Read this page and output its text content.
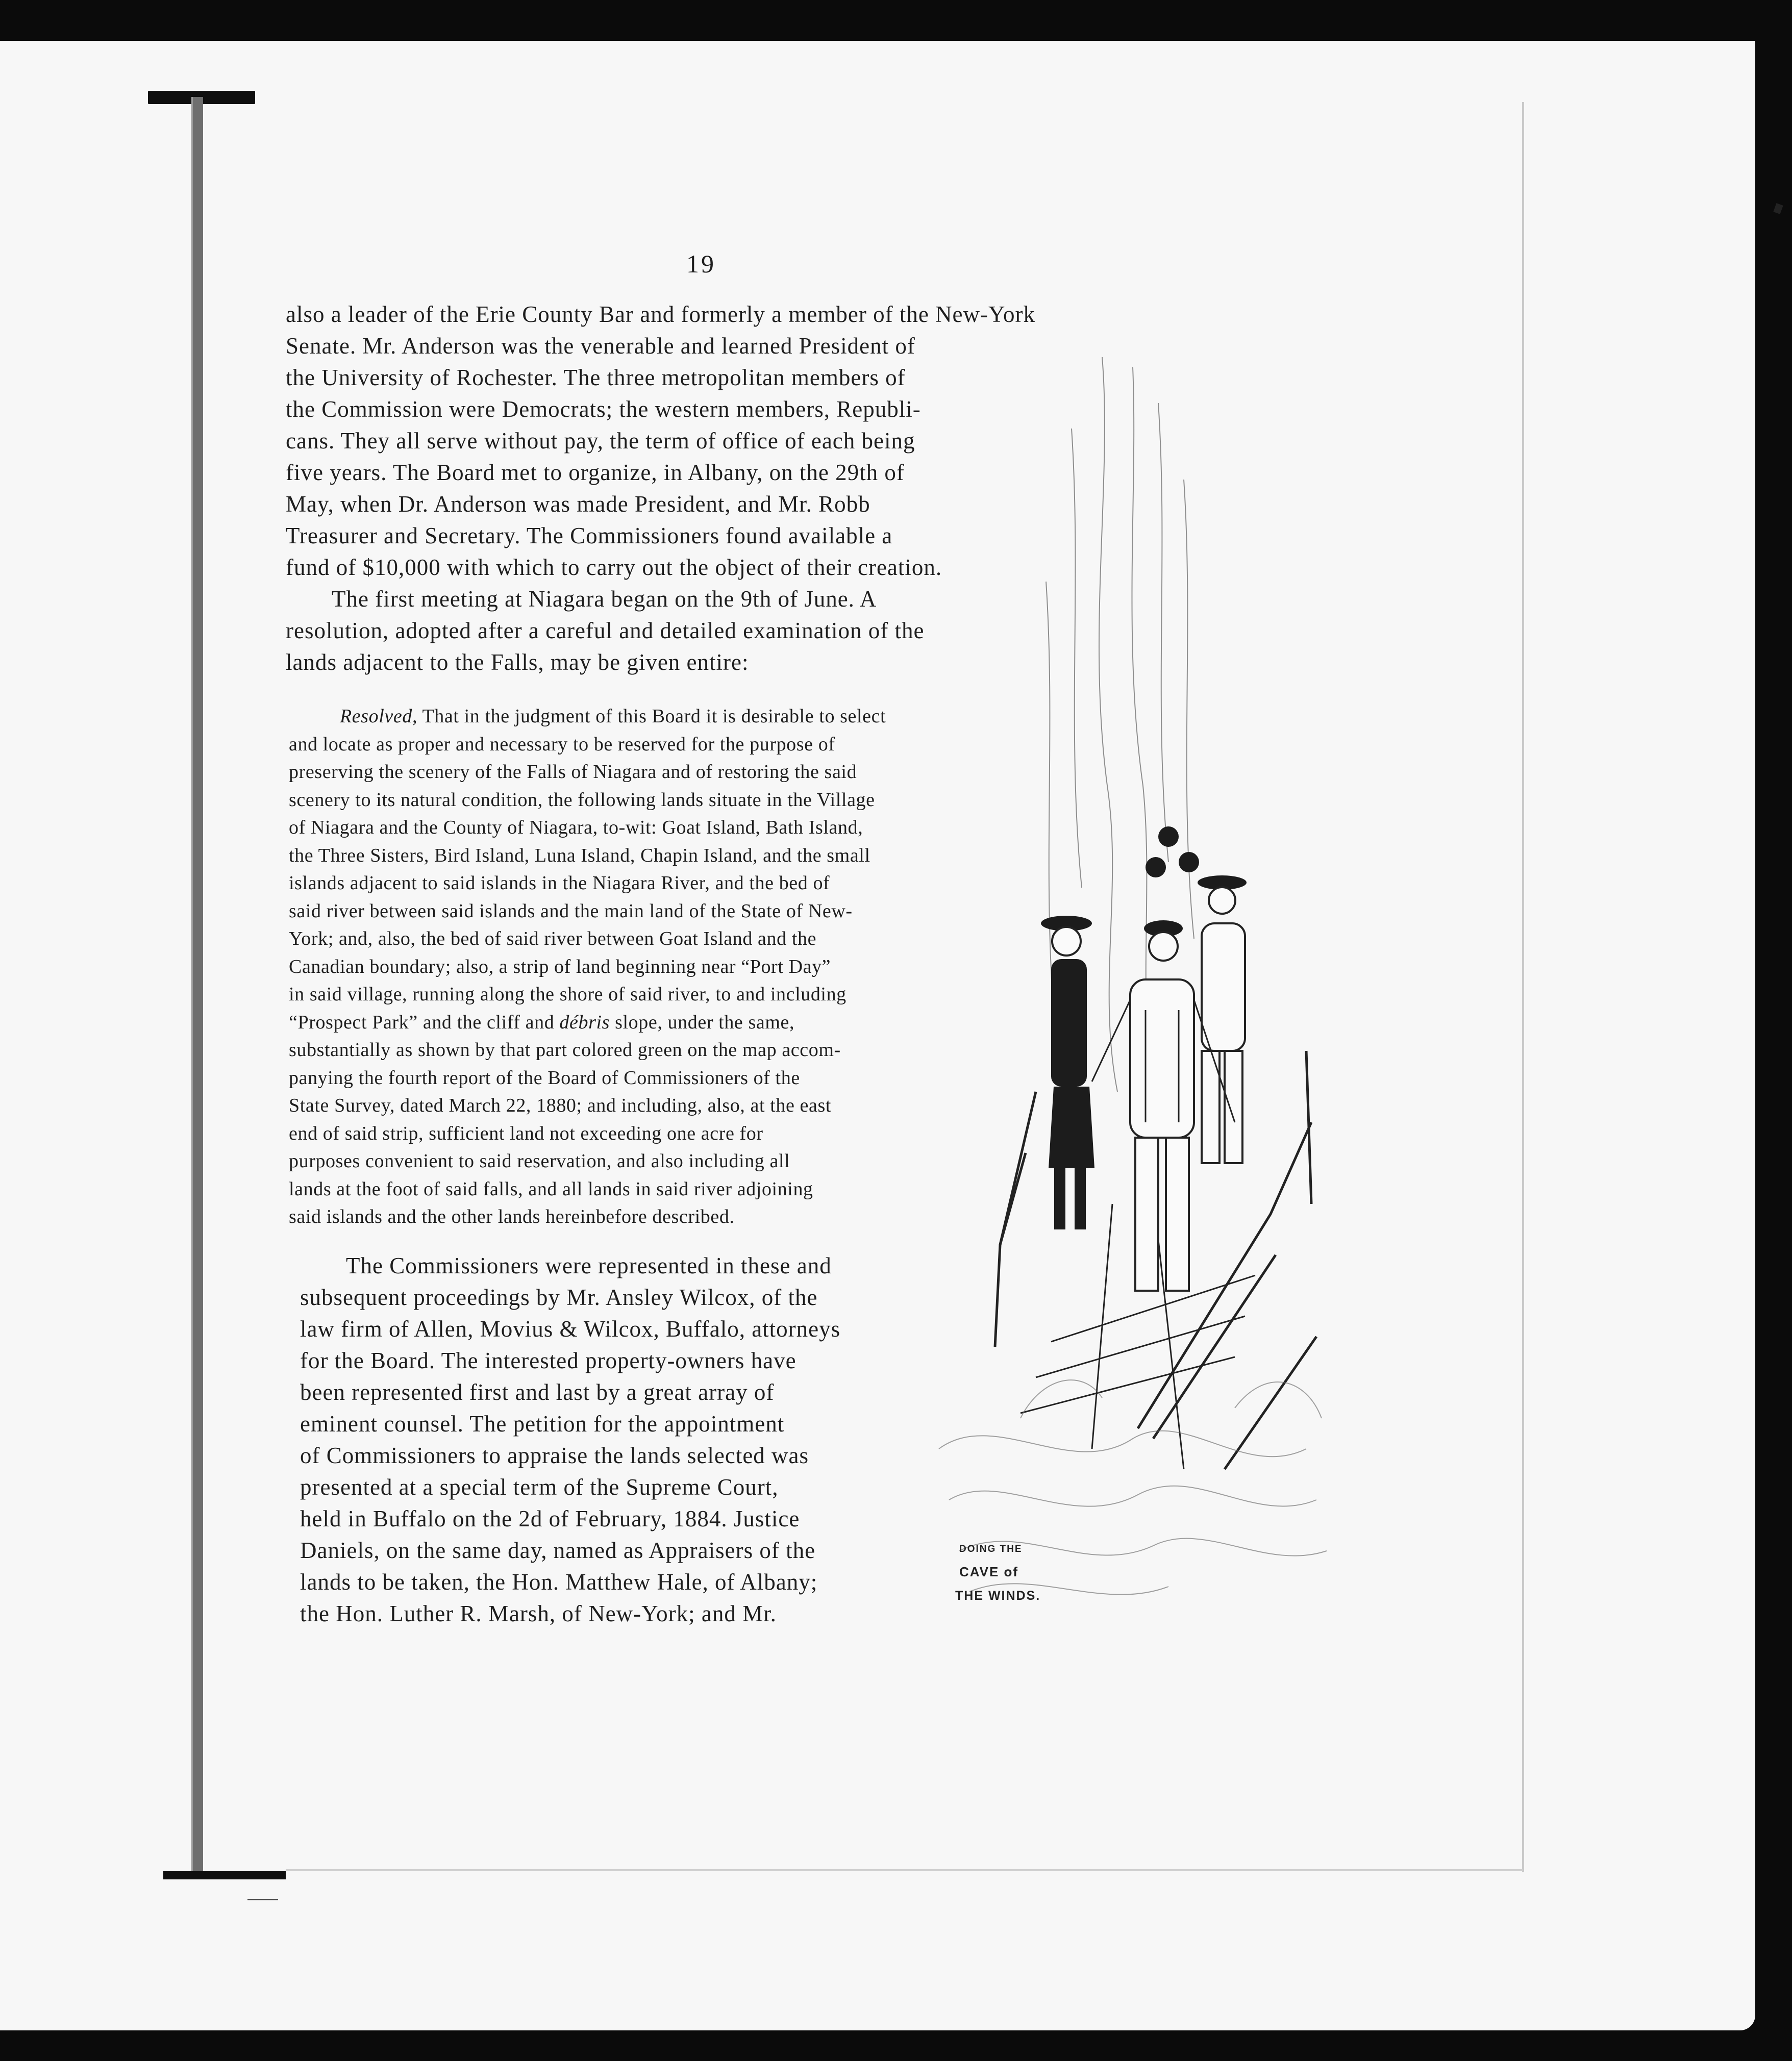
19
also a leader of the Erie County Bar and formerly a member of the New-York
Senate. Mr. Anderson was the venerable and learned President of
the University of Rochester. The three metropolitan members of
the Commission were Democrats; the western members, Republi-
cans. They all serve without pay, the term of office of each being
five years. The Board met to organize, in Albany, on the 29th of
May, when Dr. Anderson was made President, and Mr. Robb
Treasurer and Secretary. The Commissioners found available a
fund of $10,000 with which to carry out the object of their creation.
The first meeting at Niagara began on the 9th of June. A
resolution, adopted after a careful and detailed examination of the
lands adjacent to the Falls, may be given entire:
Resolved, That in the judgment of this Board it is desirable to select
and locate as proper and necessary to be reserved for the purpose of
preserving the scenery of the Falls of Niagara and of restoring the said
scenery to its natural condition, the following lands situate in the Village
of Niagara and the County of Niagara, to-wit: Goat Island, Bath Island,
the Three Sisters, Bird Island, Luna Island, Chapin Island, and the small
islands adjacent to said islands in the Niagara River, and the bed of
said river between said islands and the main land of the State of New-
York; and, also, the bed of said river between Goat Island and the
Canadian boundary; also, a strip of land beginning near “Port Day”
in said village, running along the shore of said river, to and including
“Prospect Park” and the cliff and débris slope, under the same,
substantially as shown by that part colored green on the map accom-
panying the fourth report of the Board of Commissioners of the
State Survey, dated March 22, 1880; and including, also, at the east
end of said strip, sufficient land not exceeding one acre for
purposes convenient to said reservation, and also including all
lands at the foot of said falls, and all lands in said river adjoining
said islands and the other lands hereinbefore described.
The Commissioners were represented in these and
subsequent proceedings by Mr. Ansley Wilcox, of the
law firm of Allen, Movius & Wilcox, Buffalo, attorneys
for the Board. The interested property-owners have
been represented first and last by a great array of
eminent counsel. The petition for the appointment
of Commissioners to appraise the lands selected was
presented at a special term of the Supreme Court,
held in Buffalo on the 2d of February, 1884. Justice
Daniels, on the same day, named as Appraisers of the
lands to be taken, the Hon. Matthew Hale, of Albany;
the Hon. Luther R. Marsh, of New-York; and Mr.
DOING THE
CAVE of
THE WINDS.
